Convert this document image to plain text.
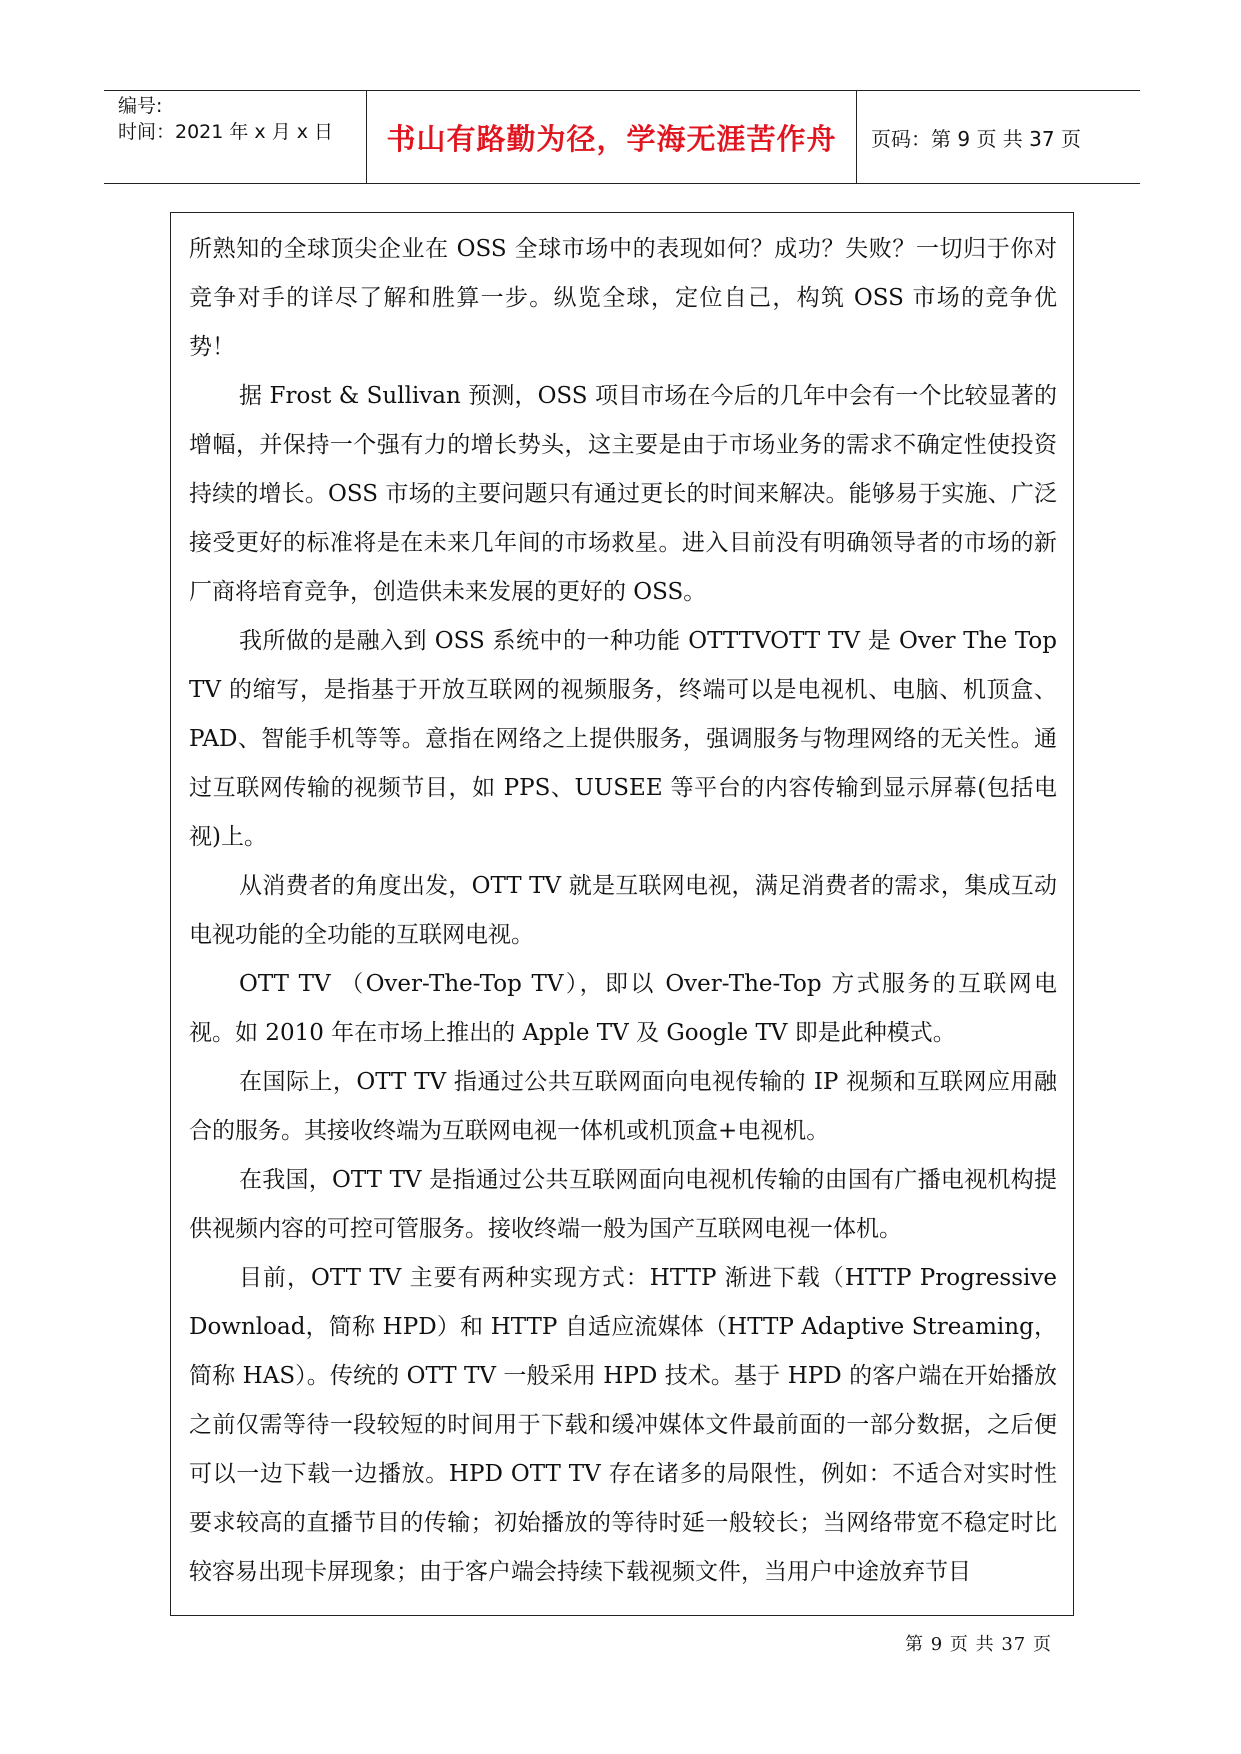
编号:
时间：2021 年 x 月 x 日	书山有路勤为径，学海无涯苦作舟	页码：第 9 页 共 37 页

所熟知的全球顶尖企业在 OSS 全球市场中的表现如何？成功？失败？一切归于你对竞争对手的详尽了解和胜算一步。纵览全球，定位自己，构筑 OSS 市场的竞争优势！

据 Frost & Sullivan 预测，OSS 项目市场在今后的几年中会有一个比较显著的增幅，并保持一个强有力的增长势头，这主要是由于市场业务的需求不确定性使投资持续的增长。OSS 市场的主要问题只有通过更长的时间来解决。能够易于实施、广泛接受更好的标准将是在未来几年间的市场救星。进入目前没有明确领导者的市场的新厂商将培育竞争，创造供未来发展的更好的 OSS。

我所做的是融入到 OSS 系统中的一种功能 OTTTVOTT TV 是 Over The Top TV 的缩写，是指基于开放互联网的视频服务，终端可以是电视机、电脑、机顶盒、PAD、智能手机等等。意指在网络之上提供服务，强调服务与物理网络的无关性。通过互联网传输的视频节目，如 PPS、UUSEE 等平台的内容传输到显示屏幕(包括电视)上。

从消费者的角度出发，OTT TV 就是互联网电视，满足消费者的需求，集成互动电视功能的全功能的互联网电视。

OTT TV （Over-The-Top TV），即以 Over-The-Top 方式服务的互联网电视。如 2010 年在市场上推出的 Apple TV 及 Google TV 即是此种模式。

在国际上，OTT TV 指通过公共互联网面向电视传输的 IP 视频和互联网应用融合的服务。其接收终端为互联网电视一体机或机顶盒+电视机。

在我国，OTT TV 是指通过公共互联网面向电视机传输的由国有广播电视机构提供视频内容的可控可管服务。接收终端一般为国产互联网电视一体机。

目前，OTT TV 主要有两种实现方式：HTTP 渐进下载（HTTP Progressive Download，简称 HPD）和 HTTP 自适应流媒体（HTTP Adaptive Streaming，简称 HAS）。传统的 OTT TV 一般采用 HPD 技术。基于 HPD 的客户端在开始播放之前仅需等待一段较短的时间用于下载和缓冲媒体文件最前面的一部分数据，之后便可以一边下载一边播放。HPD OTT TV 存在诸多的局限性，例如：不适合对实时性要求较高的直播节目的传输；初始播放的等待时延一般较长；当网络带宽不稳定时比较容易出现卡屏现象；由于客户端会持续下载视频文件，当用户中途放弃节目

第 9 页 共 37 页
